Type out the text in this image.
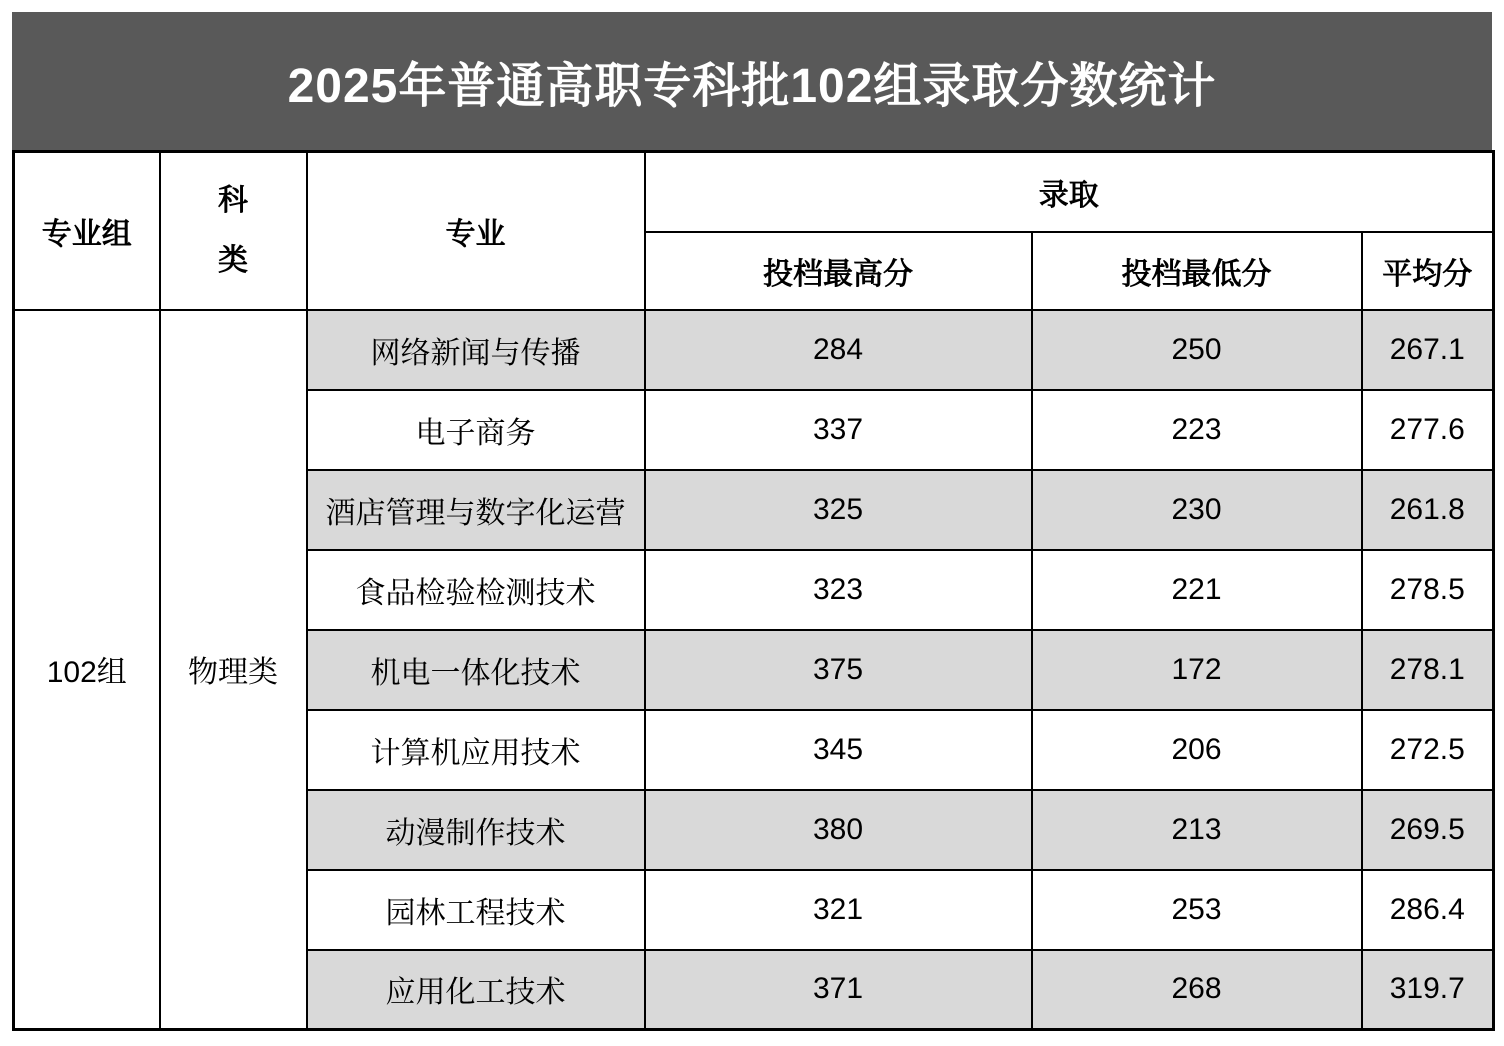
2025年普通高职专科批102组录取分数统计
专业组	科类	专业	录取		
			投档最高分	投档最低分	平均分
102组	物理类	网络新闻与传播	284	250	267.1
		电子商务	337	223	277.6
		酒店管理与数字化运营	325	230	261.8
		食品检验检测技术	323	221	278.5
		机电一体化技术	375	172	278.1
		计算机应用技术	345	206	272.5
		动漫制作技术	380	213	269.5
		园林工程技术	321	253	286.4
		应用化工技术	371	268	319.7
